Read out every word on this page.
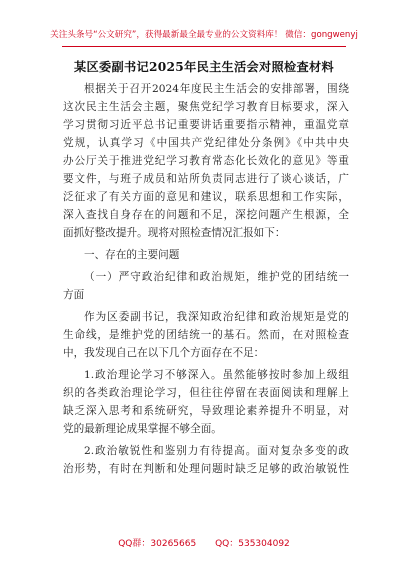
关注头条号“公文研究”，获得最新最全最专业的公文资料库！ 微信：gongwenyj
某区委副书记2025年民主生活会对照检查材料
根据关于召开2024年度民主生活会的安排部署，围绕
这次民主生活会主题，聚焦党纪学习教育目标要求，深入
学习贯彻习近平总书记重要讲话重要指示精神，重温党章
党规，认真学习《中国共产党纪律处分条例》《中共中央
办公厅关于推进党纪学习教育常态化长效化的意见》等重
要文件，与班子成员和站所负责同志进行了谈心谈话，广
泛征求了有关方面的意见和建议，联系思想和工作实际，
深入查找自身存在的问题和不足，深挖问题产生根源，全
面抓好整改提升。现将对照检查情况汇报如下：
一、存在的主要问题
（一）严守政治纪律和政治规矩，维护党的团结统一
方面
作为区委副书记，我深知政治纪律和政治规矩是党的
生命线，是维护党的团结统一的基石。然而，在对照检查
中，我发现自己在以下几个方面存在不足：
1.政治理论学习不够深入。虽然能够按时参加上级组
织的各类政治理论学习，但往往停留在表面阅读和理解上
缺乏深入思考和系统研究，导致理论素养提升不明显，对
党的最新理论成果掌握不够全面。
2.政治敏锐性和鉴别力有待提高。面对复杂多变的政
治形势，有时在判断和处理问题时缺乏足够的政治敏锐性
QQ群：30265665 QQ：535304092
